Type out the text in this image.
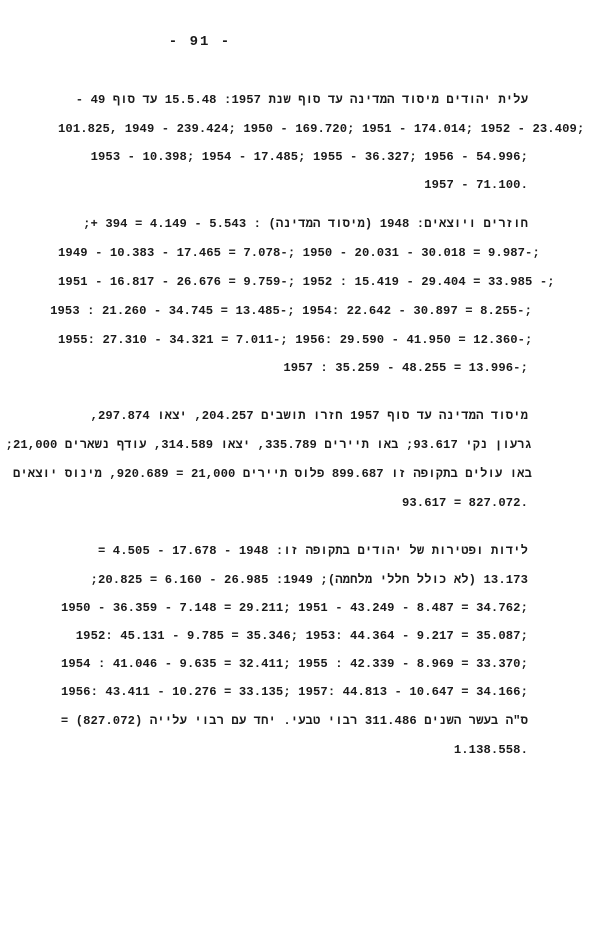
- 91 -
עלית יהודים מיסוד המדינה עד סוף שנת 1957: 15.5.48 עד סוף 49 -
101.825, 1949 - 239.424; 1950 - 169.720; 1951 - 174.014; 1952 - 23.409;
1953 - 10.398; 1954 - 17.485; 1955 - 36.327; 1956 - 54.996;
1957 - 71.100.
חוזרים ויוצאים: 1948 (מיסוד המדינה) : 5.543 - 4.149 = 394 +;
1949 - 10.383 - 17.465 = 7.078-; 1950 - 20.031 - 30.018 = 9.987-;
1951 - 16.817 - 26.676 = 9.759-; 1952 : 15.419 - 29.404 = 33.985 -;
1953 : 21.260 - 34.745 = 13.485-; 1954: 22.642 - 30.897 = 8.255-;
1955: 27.310 - 34.321 = 7.011-; 1956: 29.590 - 41.950 = 12.360-;
1957 : 35.259 - 48.255 = 13.996-;
מיסוד המדינה עד סוף 1957 חזרו תושבים 204.257, יצאו 297.874,
גרעון נקי 93.617; באו תיירים 335.789, יצאו 314.589, עודף נשארים 21,000;
באו עולים בתקופה זו 899.687 פלוס תיירים 21,000 = 920.689, מינוס יוצאים
93.617 = 827.072.
לידות ופטירות של יהודים בתקופה זו: 1948 - 17.678 - 4.505 =
13.173 (לא כולל חללי מלחמה); 1949: 26.985 - 6.160 = 20.825;
1950 - 36.359 - 7.148 = 29.211; 1951 - 43.249 - 8.487 = 34.762;
1952: 45.131 - 9.785 = 35.346; 1953: 44.364 - 9.217 = 35.087;
1954 : 41.046 - 9.635 = 32.411; 1955 : 42.339 - 8.969 = 33.370;
1956: 43.411 - 10.276 = 33.135; 1957: 44.813 - 10.647 = 34.166;
ס"ה בעשר השנים 311.486 רבוי טבעי. יחד עם רבוי עלייה (827.072) =
1.138.558.
